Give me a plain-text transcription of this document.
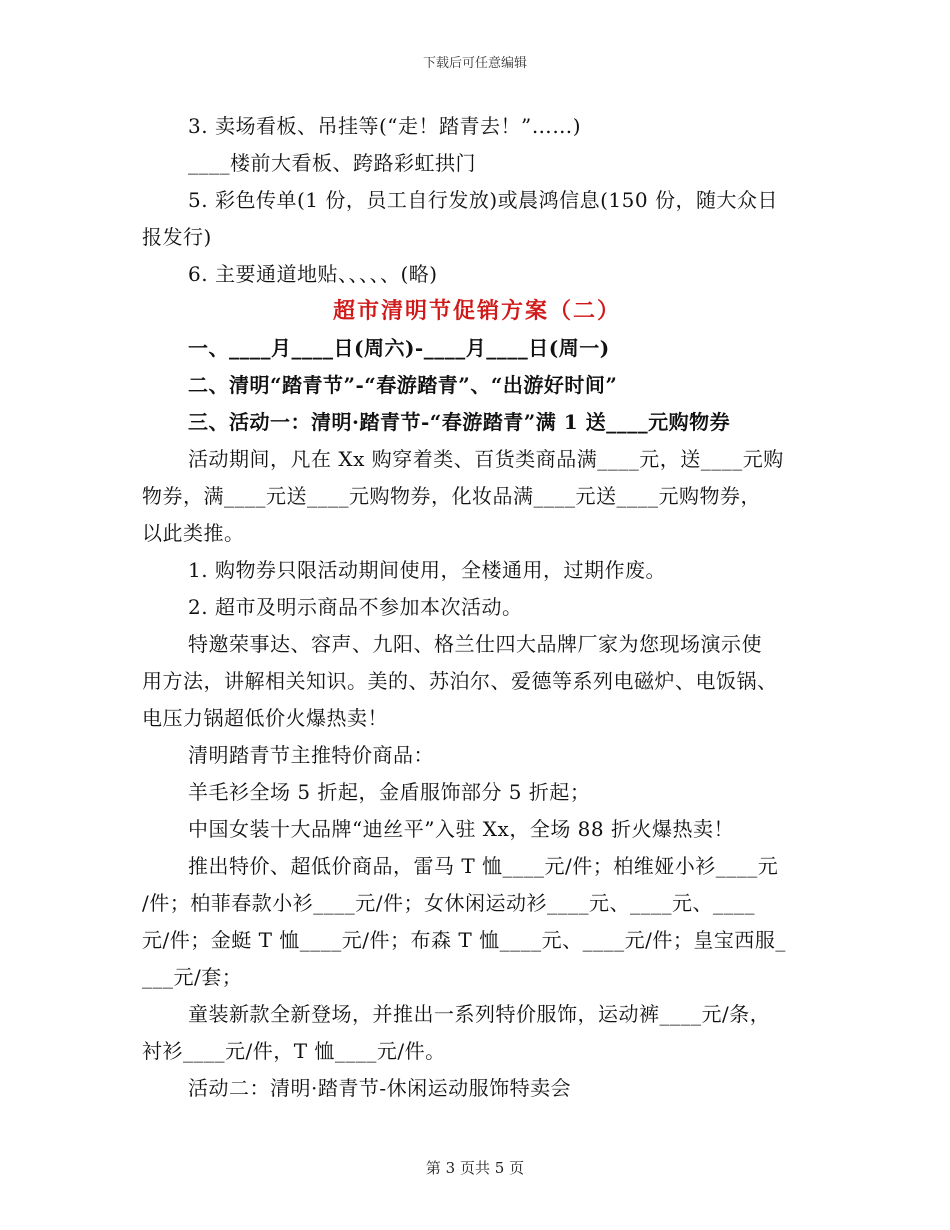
下载后可任意编辑
3. 卖场看板、吊挂等(“走！踏青去！”……)
____楼前大看板、跨路彩虹拱门
5. 彩色传单(1 份，员工自行发放)或晨鸿信息(150 份，随大众日
报发行)
6. 主要通道地贴、、、、、(略)
超市清明节促销方案（二）
一、____月____日(周六)-____月____日(周一)
二、清明“踏青节”-“春游踏青”、“出游好时间”
三、活动一：清明·踏青节-“春游踏青”满 1 送____元购物券
活动期间，凡在 Xx 购穿着类、百货类商品满____元，送____元购
物券，满____元送____元购物券，化妆品满____元送____元购物券，
以此类推。
1. 购物券只限活动期间使用，全楼通用，过期作废。
2. 超市及明示商品不参加本次活动。
特邀荣事达、容声、九阳、格兰仕四大品牌厂家为您现场演示使
用方法，讲解相关知识。美的、苏泊尔、爱德等系列电磁炉、电饭锅、
电压力锅超低价火爆热卖！
清明踏青节主推特价商品：
羊毛衫全场 5 折起，金盾服饰部分 5 折起；
中国女装十大品牌“迪丝平”入驻 Xx，全场 88 折火爆热卖！
推出特价、超低价商品，雷马 T 恤____元/件；柏维娅小衫____元
/件；柏菲春款小衫____元/件；女休闲运动衫____元、____元、____
元/件；金蜓 T 恤____元/件；布森 T 恤____元、____元/件；皇宝西服_
___元/套；
童装新款全新登场，并推出一系列特价服饰，运动裤____元/条，
衬衫____元/件，T 恤____元/件。
活动二：清明·踏青节-休闲运动服饰特卖会
第 3 页共 5 页
